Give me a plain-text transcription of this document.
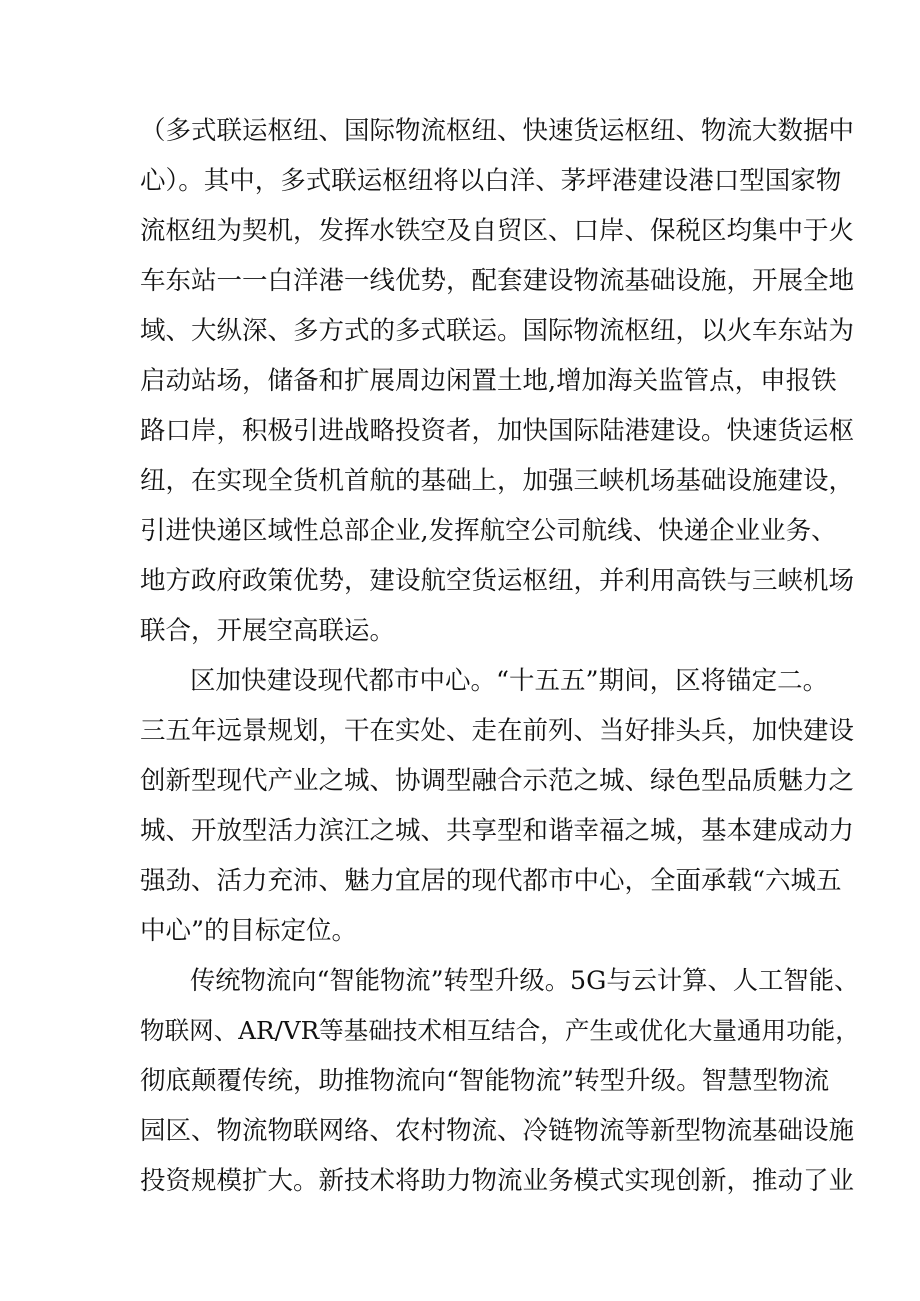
（多式联运枢纽、国际物流枢纽、快速货运枢纽、物流大数据中
心）。其中，多式联运枢纽将以白洋、茅坪港建设港口型国家物
流枢纽为契机，发挥水铁空及自贸区、口岸、保税区均集中于火
车东站一一白洋港一线优势，配套建设物流基础设施，开展全地
域、大纵深、多方式的多式联运。国际物流枢纽，以火车东站为
启动站场，储备和扩展周边闲置土地,增加海关监管点，申报铁
路口岸，积极引进战略投资者，加快国际陆港建设。快速货运枢
纽，在实现全货机首航的基础上，加强三峡机场基础设施建设，
引进快递区域性总部企业,发挥航空公司航线、快递企业业务、
地方政府政策优势，建设航空货运枢纽，并利用高铁与三峡机场
联合，开展空高联运。
区加快建设现代都市中心。“十五五”期间，区将锚定二。
三五年远景规划，干在实处、走在前列、当好排头兵，加快建设
创新型现代产业之城、协调型融合示范之城、绿色型品质魅力之
城、开放型活力滨江之城、共享型和谐幸福之城，基本建成动力
强劲、活力充沛、魅力宜居的现代都市中心，全面承载“六城五
中心”的目标定位。
传统物流向“智能物流”转型升级。5G与云计算、人工智能、
物联网、AR/VR等基础技术相互结合，产生或优化大量通用功能，
彻底颠覆传统，助推物流向“智能物流”转型升级。智慧型物流
园区、物流物联网络、农村物流、冷链物流等新型物流基础设施
投资规模扩大。新技术将助力物流业务模式实现创新，推动了业
